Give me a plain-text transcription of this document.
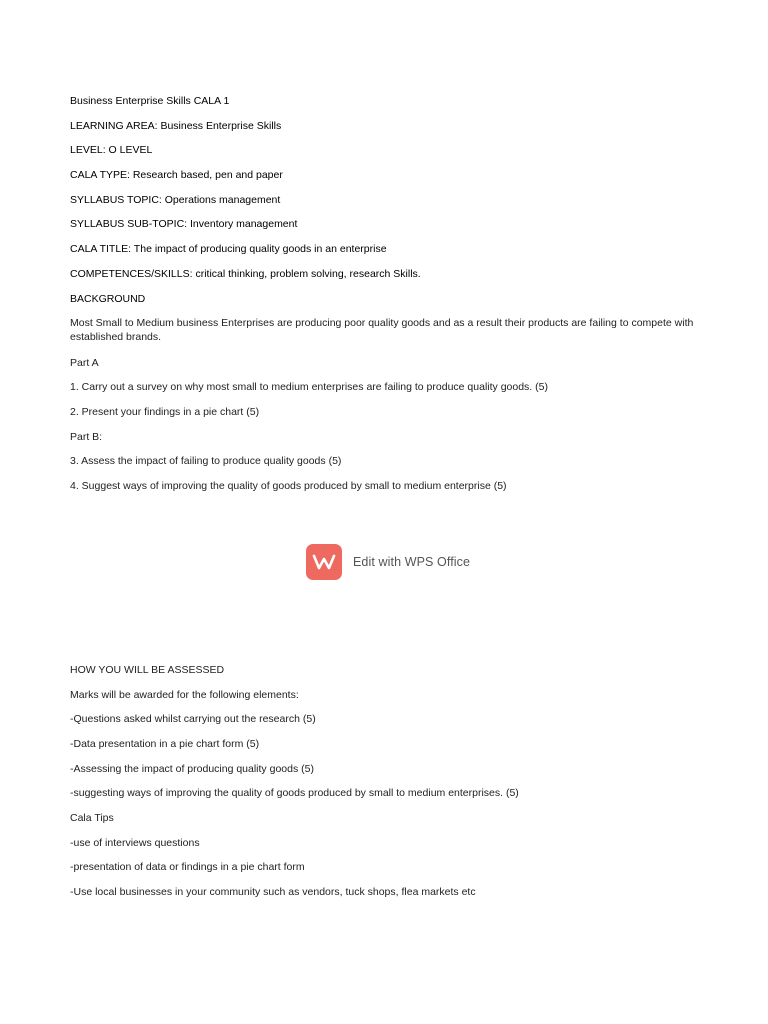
Business Enterprise Skills CALA 1
LEARNING AREA: Business Enterprise Skills
LEVEL: O LEVEL
CALA TYPE: Research based, pen and paper
SYLLABUS TOPIC: Operations management
SYLLABUS SUB-TOPIC: Inventory management
CALA TITLE: The impact of producing quality goods in an enterprise
COMPETENCES/SKILLS: critical thinking, problem solving, research Skills.
BACKGROUND
Most Small to Medium business Enterprises are producing poor quality goods and as a result their products are failing to compete with established brands.
Part A
1. Carry out a survey on why most small to medium enterprises are failing to produce quality goods. (5)
2. Present your findings in a pie chart (5)
Part B:
3. Assess the impact of failing to produce quality goods (5)
4. Suggest ways of improving the quality of goods produced by small to medium enterprise (5)
Edit with WPS Office
HOW YOU WILL BE ASSESSED
Marks will be awarded for the following elements:
-Questions asked whilst carrying out the research (5)
-Data presentation in a pie chart form (5)
-Assessing the impact of producing quality goods (5)
-suggesting ways of improving the quality of goods produced by small to medium enterprises. (5)
Cala Tips
-use of interviews questions
-presentation of data or findings in a pie chart form
-Use local businesses in your community such as vendors, tuck shops, flea markets etc
